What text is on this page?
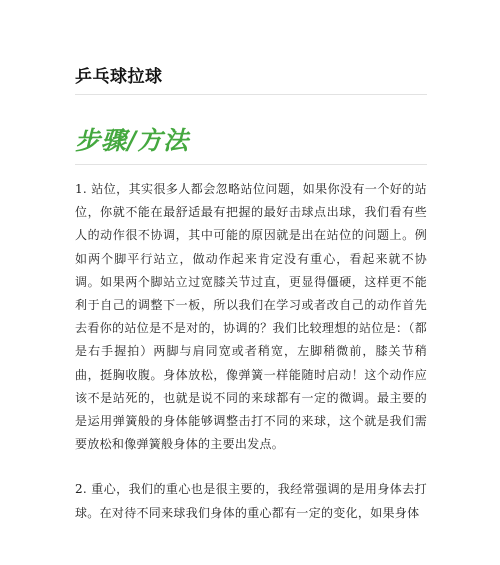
乒乓球拉球
步骤/方法

1. 站位，其实很多人都会忽略站位问题，如果你没有一个好的站位，你就不能在最舒适最有把握的最好击球点出球，我们看有些人的动作很不协调，其中可能的原因就是出在站位的问题上。例如两个脚平行站立，做动作起来肯定没有重心，看起来就不协调。如果两个脚站立过宽膝关节过直，更显得僵硬，这样更不能利于自己的调整下一板，所以我们在学习或者改自己的动作首先去看你的站位是不是对的，协调的？我们比较理想的站位是：（都是右手握拍）两脚与肩同宽或者稍宽，左脚稍微前，膝关节稍曲，挺胸收腹。身体放松，像弹簧一样能随时启动！这个动作应该不是站死的，也就是说不同的来球都有一定的微调。最主要的是运用弹簧般的身体能够调整击打不同的来球，这个就是我们需要放松和像弹簧般身体的主要出发点。

2. 重心，我们的重心也是很主要的，我经常强调的是用身体去打球。在对待不同来球我们身体的重心都有一定的变化，如果身体
